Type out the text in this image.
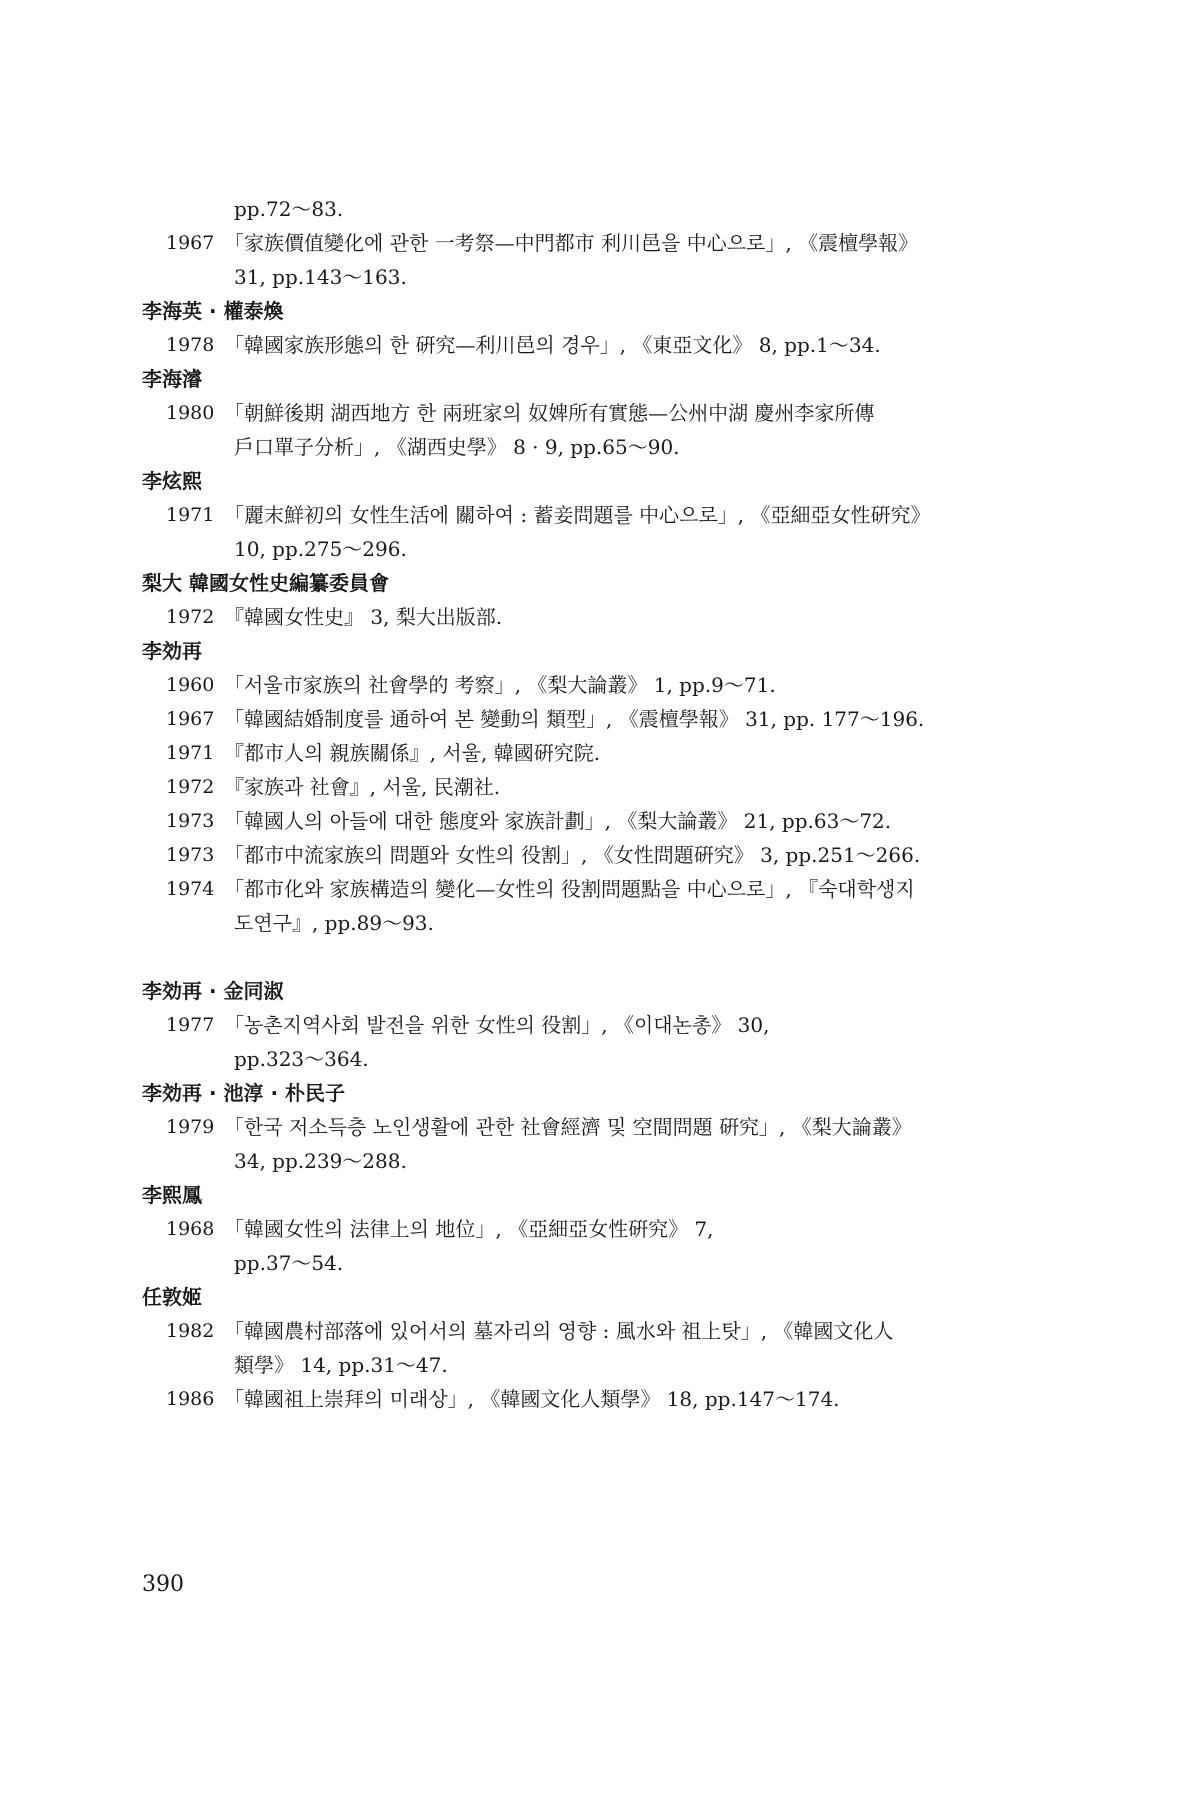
pp.72～83.
1967 「家族價值變化에 관한 一考祭—中門都市 利川邑을 中心으로」, 《震檀學報》
31, pp.143～163.
李海英 · 權泰煥
1978 「韓國家族形態의 한 硏究—利川邑의 경우」, 《東亞文化》 8, pp.1～34.
李海濬
1980 「朝鮮後期 湖西地方 한 兩班家의 奴婢所有實態—公州中湖 慶州李家所傳
戶口單子分析」, 《湖西史學》 8 · 9, pp.65～90.
李炫熙
1971 「麗末鮮初의 女性生活에 關하여 : 蓄妾問題를 中心으로」, 《亞細亞女性硏究》
10, pp.275～296.
梨大 韓國女性史編纂委員會
1972 『韓國女性史』 3, 梨大出版部.
李効再
1960 「서울市家族의 社會學的 考察」, 《梨大論叢》 1, pp.9～71.
1967 「韓國結婚制度를 通하여 본 變動의 類型」, 《震檀學報》 31, pp. 177～196.
1971 『都市人의 親族關係』, 서울, 韓國硏究院.
1972 『家族과 社會』, 서울, 民潮社.
1973 「韓國人의 아들에 대한 態度와 家族計劃」, 《梨大論叢》 21, pp.63～72.
1973 「都市中流家族의 問題와 女性의 役割」, 《女性問題硏究》 3, pp.251～266.
1974 「都市化와 家族構造의 變化—女性의 役割問題點을 中心으로」, 『숙대학생지
도연구』, pp.89～93.
李効再 · 金同淑
1977 「농촌지역사회 발전을 위한 女性의 役割」, 《이대논총》 30,
pp.323～364.
李効再 · 池淳 · 朴民子
1979 「한국 저소득층 노인생활에 관한 社會經濟 및 空間問題 硏究」, 《梨大論叢》
34, pp.239～288.
李熙鳳
1968 「韓國女性의 法律上의 地位」, 《亞細亞女性硏究》 7,
pp.37～54.
任敦姬
1982 「韓國農村部落에 있어서의 墓자리의 영향 : 風水와 祖上탓」, 《韓國文化人
類學》 14, pp.31～47.
1986 「韓國祖上崇拜의 미래상」, 《韓國文化人類學》 18, pp.147～174.
390
